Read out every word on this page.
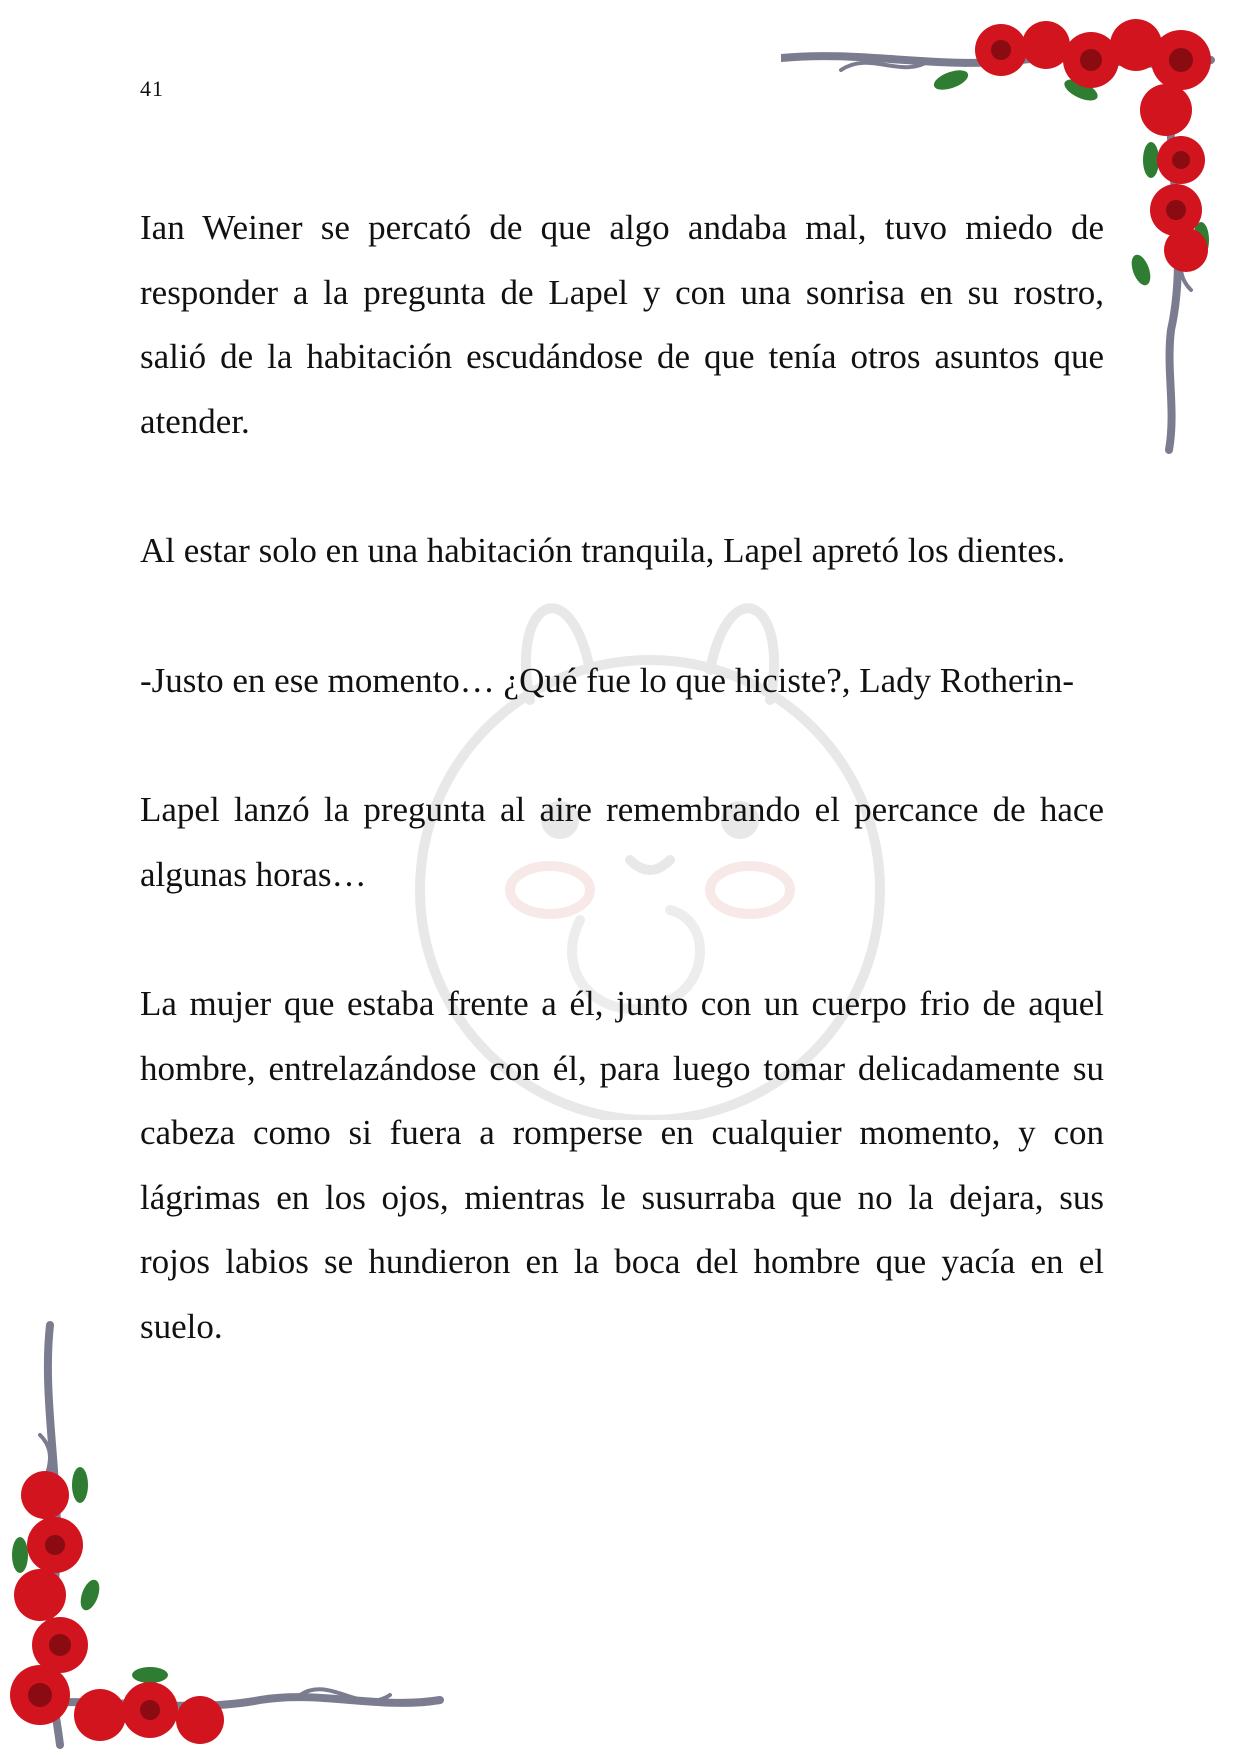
41

Ian Weiner se percató de que algo andaba mal, tuvo miedo de responder a la pregunta de Lapel y con una sonrisa en su rostro, salió de la habitación escudándose de que tenía otros asuntos que atender.

Al estar solo en una habitación tranquila, Lapel apretó los dientes.

-Justo en ese momento… ¿Qué fue lo que hiciste?, Lady Rotherin-

Lapel lanzó la pregunta al aire remembrando el percance de hace algunas horas…

La mujer que estaba frente a él, junto con un cuerpo frio de aquel hombre, entrelazándose con él, para luego tomar delicadamente su cabeza como si fuera a romperse en cualquier momento, y con lágrimas en los ojos, mientras le susurraba que no la dejara, sus rojos labios se hundieron en la boca del hombre que yacía en el suelo.
